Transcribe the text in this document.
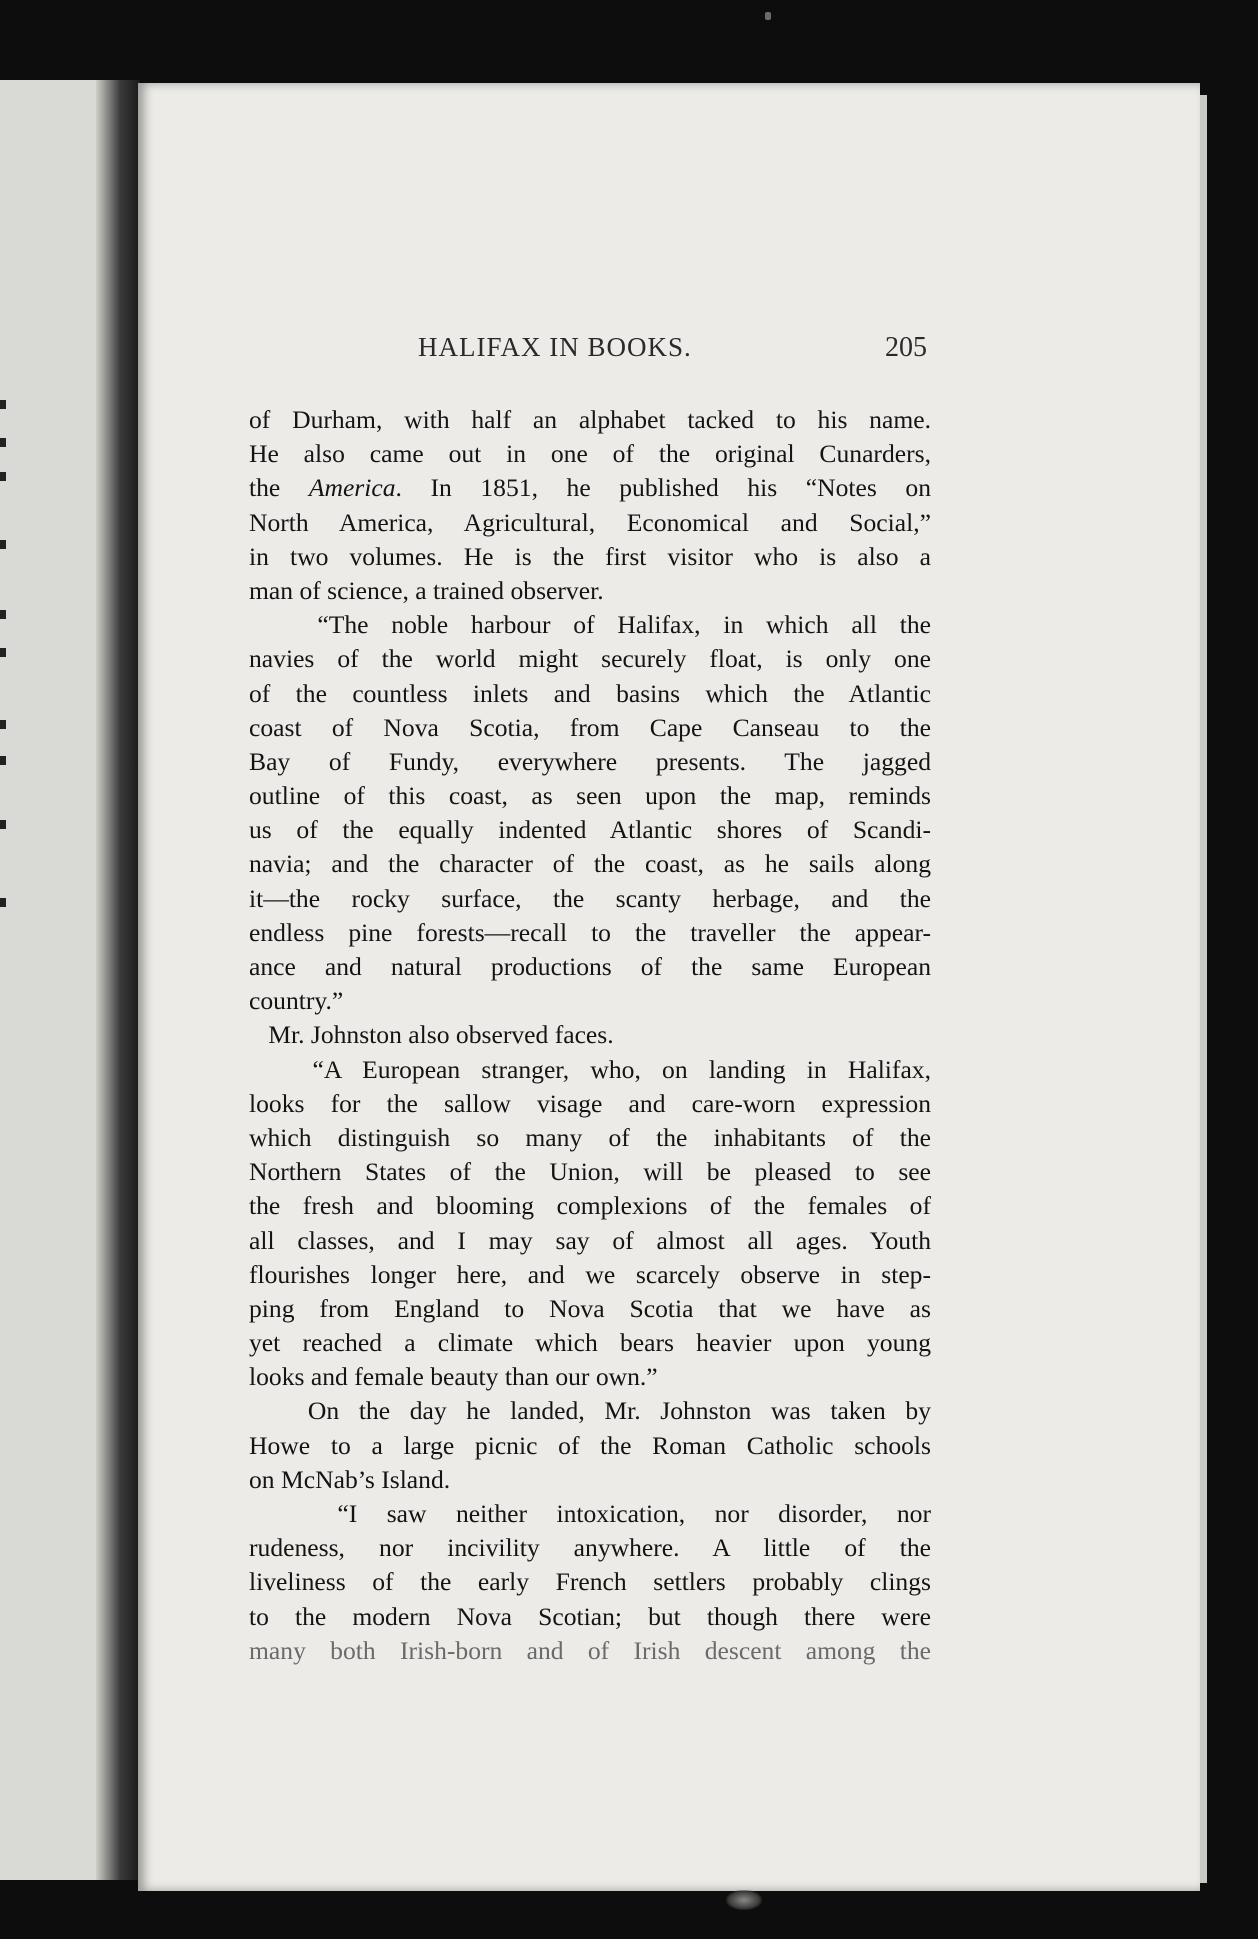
HALIFAX IN BOOKS.	205
of Durham, with half an alphabet tacked to his name.
He also came out in one of the original Cunarders,
the America. In 1851, he published his “Notes on
North America, Agricultural, Economical and Social,”
in two volumes. He is the first visitor who is also a
man of science, a trained observer.
“The noble harbour of Halifax, in which all the
navies of the world might securely float, is only one
of the countless inlets and basins which the Atlantic
coast of Nova Scotia, from Cape Canseau to the
Bay of Fundy, everywhere presents. The jagged
outline of this coast, as seen upon the map, reminds
us of the equally indented Atlantic shores of Scandi-
navia; and the character of the coast, as he sails along
it—the rocky surface, the scanty herbage, and the
endless pine forests—recall to the traveller the appear-
ance and natural productions of the same European
country.”
Mr. Johnston also observed faces.
“A European stranger, who, on landing in Halifax,
looks for the sallow visage and care-worn expression
which distinguish so many of the inhabitants of the
Northern States of the Union, will be pleased to see
the fresh and blooming complexions of the females of
all classes, and I may say of almost all ages. Youth
flourishes longer here, and we scarcely observe in step-
ping from England to Nova Scotia that we have as
yet reached a climate which bears heavier upon young
looks and female beauty than our own.”
On the day he landed, Mr. Johnston was taken by
Howe to a large picnic of the Roman Catholic schools
on McNab’s Island.
“I saw neither intoxication, nor disorder, nor
rudeness, nor incivility anywhere. A little of the
liveliness of the early French settlers probably clings
to the modern Nova Scotian; but though there were
many both Irish-born and of Irish descent among the
